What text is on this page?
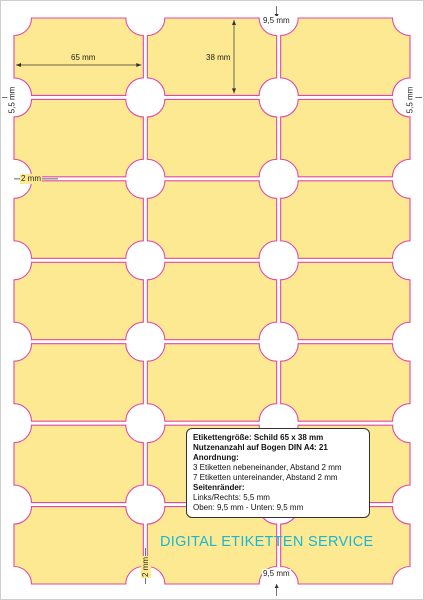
9,5 mm
65 mm	38 mm
5,5 mm	5,5 mm
2 mm
2 mm	9,5 mm
Etikettengröße: Schild 65 x 38 mm
Nutzenanzahl auf Bogen DIN A4: 21
Anordnung:
3 Etiketten nebeneinander, Abstand 2 mm
7 Etiketten untereinander, Abstand 2 mm
Seitenränder:
Links/Rechts: 5,5 mm
Oben: 9,5 mm - Unten: 9,5 mm
DIGITAL ETIKETTEN SERVICE
